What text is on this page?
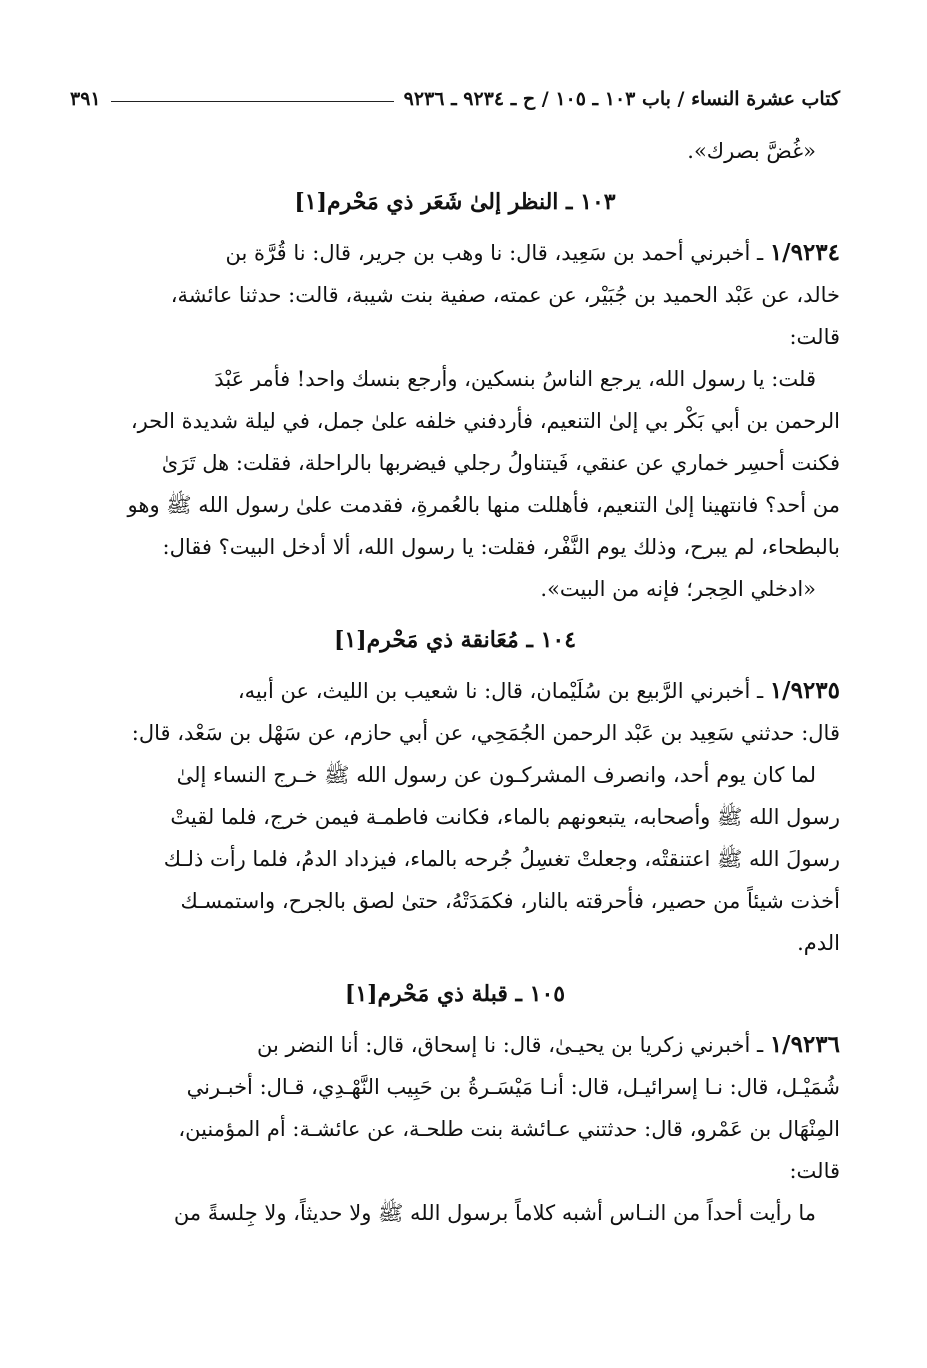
كتاب عشرة النساء / باب ١٠٣ ـ ١٠٥ / ح ـ ٩٢٣٤ ـ ٩٢٣٦
٣٩١
«غُضَّ بصرك».
١٠٣ ـ النظر إلىٰ شَعَر ذي مَحْرم[١]
١/٩٢٣٤ ـ أخبرني أحمد بن سَعِيد، قال: نا وهب بن جرير، قال: نا قُرَّة بن
خالد، عن عَبْد الحميد بن جُبَيْر، عن عمته، صفية بنت شيبة، قالت: حدثنا عائشة،
قالت:
قلت: يا رسول الله، يرجع الناسُ بنسكين، وأرجع بنسك واحد! فأمر عَبْدَ
الرحمن بن أبي بَكْر بي إلىٰ التنعيم، فأردفني خلفه علىٰ جمل، في ليلة شديدة الحر،
فكنت أحسِر خماري عن عنقي، فَيتناولُ رجلي فيضربها بالراحلة، فقلت: هل تَرَىٰ
من أحد؟ فانتهينا إلىٰ التنعيم، فأهللت منها بالعُمرةِ، فقدمت علىٰ رسول الله ﷺ وهو
بالبطحاء، لم يبرح، وذلك يوم النَّفْر، فقلت: يا رسول الله، ألا أدخل البيت؟ فقال:
«ادخلي الحِجر؛ فإنه من البيت».
١٠٤ ـ مُعَانقة ذي مَحْرم[١]
١/٩٢٣٥ ـ أخبرني الرَّبيع بن سُلَيْمان، قال: نا شعيب بن الليث، عن أبيه،
قال: حدثني سَعِيد بن عَبْد الرحمن الجُمَحِي، عن أبي حازم، عن سَهْل بن سَعْد، قال:
لما كان يوم أحد، وانصرف المشركـون عن رسول الله ﷺ خـرج النساء إلىٰ
رسول الله ﷺ وأصحابه، يتبعونهم بالماء، فكانت فاطمـة فيمن خرج، فلما لقيتْ
رسولَ الله ﷺ اعتنقتْه، وجعلتْ تغسِلُ جُرحه بالماء، فيزداد الدمُ، فلما رأت ذلـك
أخذت شيئاً من حصير، فأحرقته بالنار، فكمَدَتْهُ، حتىٰ لصق بالجرح، واستمسـك
الدم.
١٠٥ ـ قبلة ذي مَحْرم[١]
١/٩٢٣٦ ـ أخبرني زكريا بن يحيـىٰ، قال: نا إسحاق، قال: أنا النضر بن
شُمَيْـل، قال: نـا إسرائيـل، قال: أنـا مَيْسَـرةُ بن حَبِيب النَّهْـدِي، قـال: أخبـرني
المِنْهَال بن عَمْرو، قال: حدثتني عـائشة بنت طلحـة، عن عائشـة: أم المؤمنين،
قالت:
ما رأيت أحداً من النـاس أشبه كلاماً برسول الله ﷺ ولا حديثاً، ولا جِلسةً من
